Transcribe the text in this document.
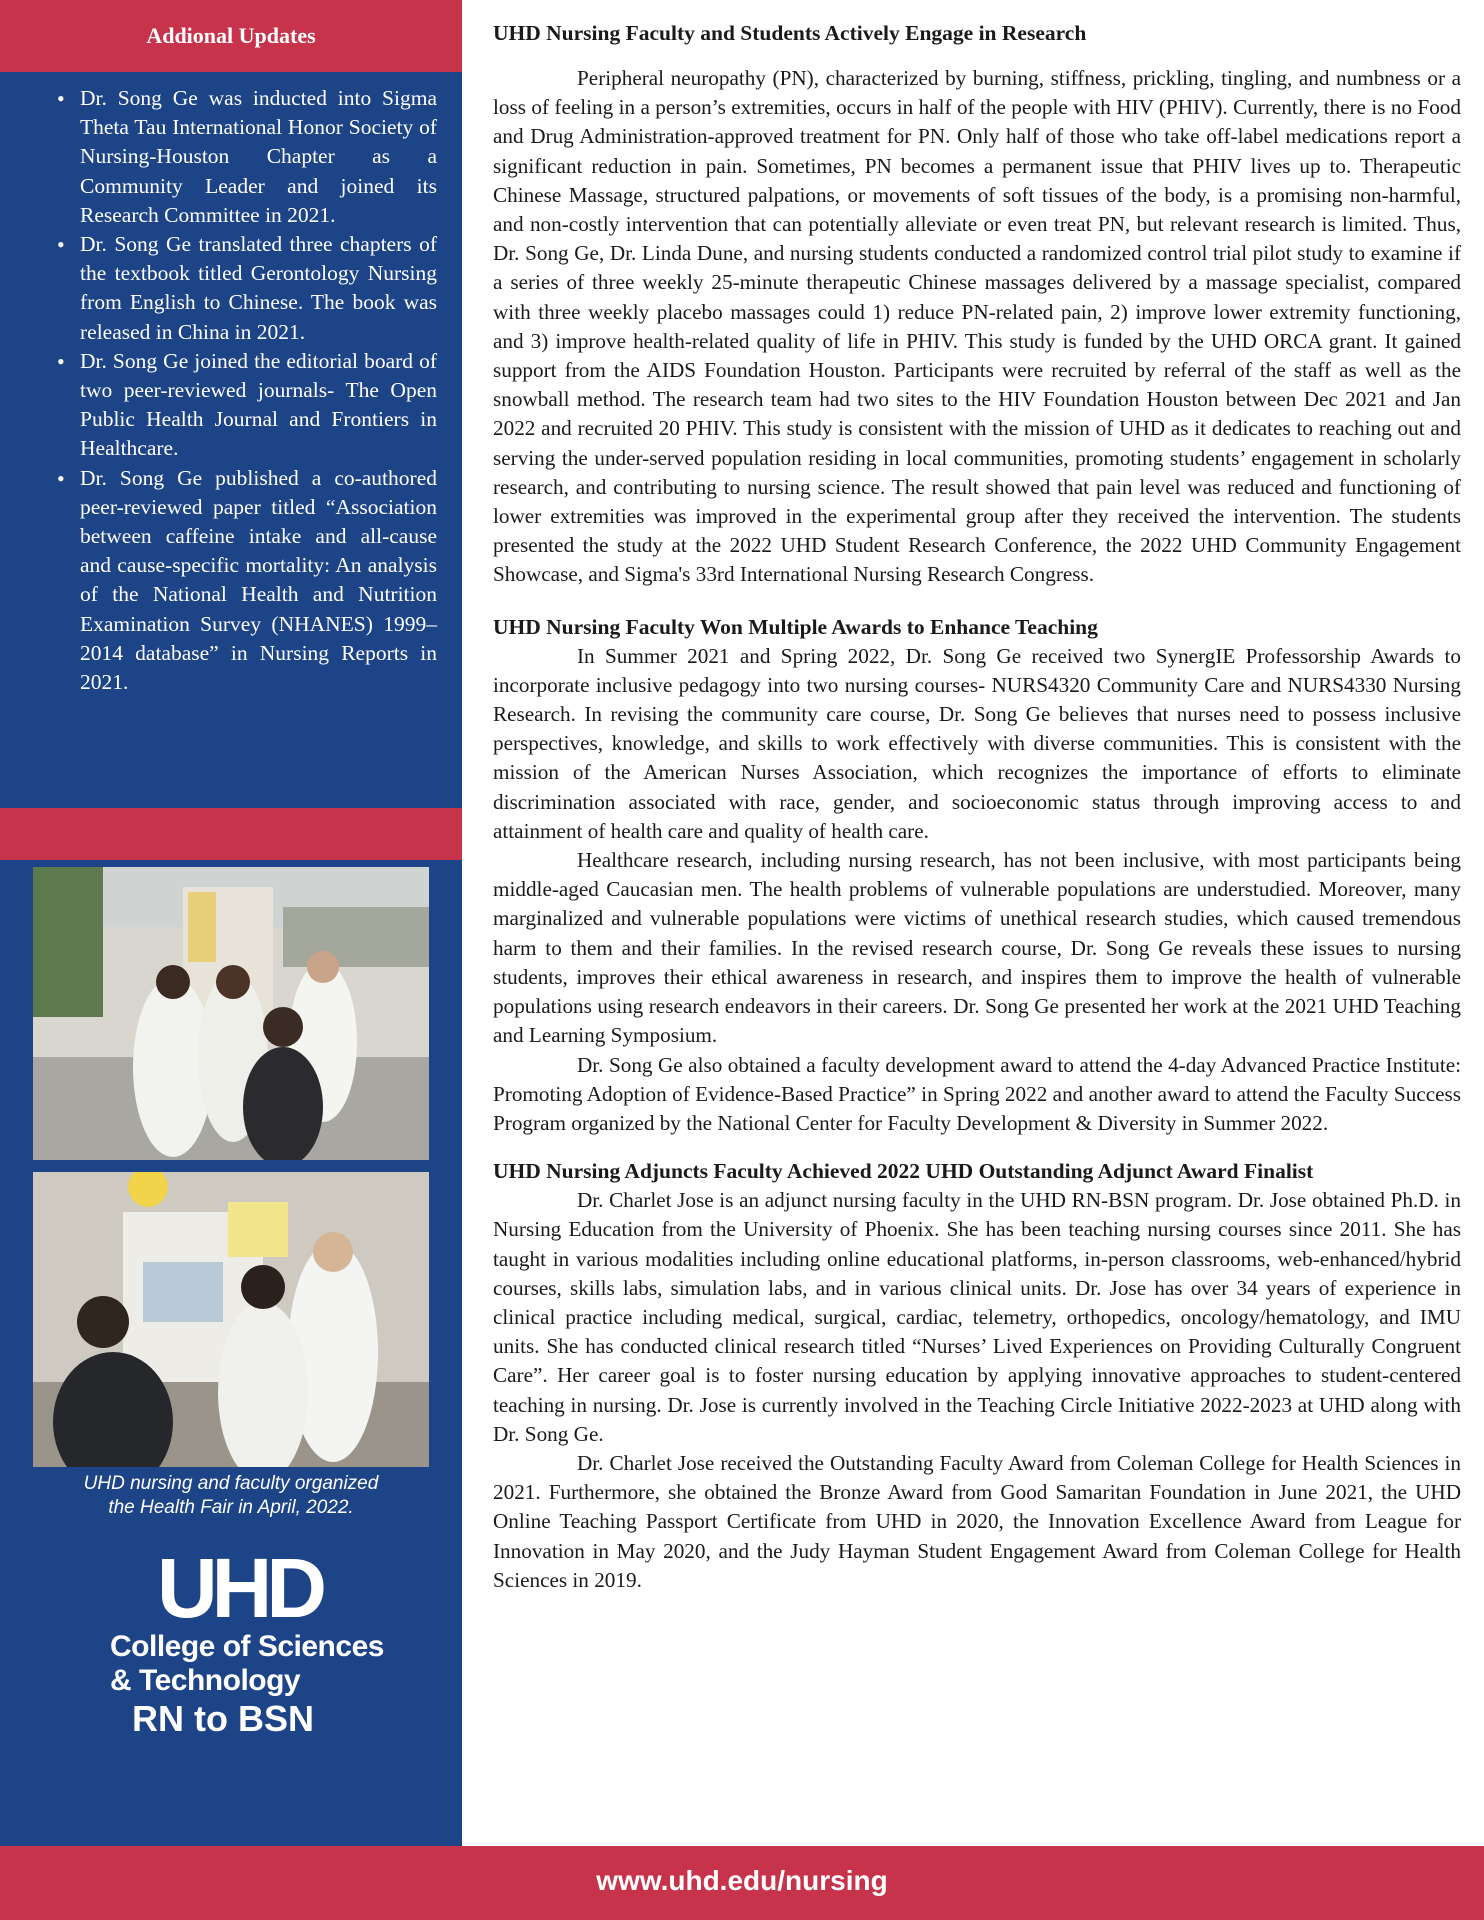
Addional Updates
• Dr. Song Ge was inducted into Sigma Theta Tau International Honor Society of Nursing-Houston Chapter as a Community Leader and joined its Research Committee in 2021.
• Dr. Song Ge translated three chapters of the textbook titled Gerontology Nursing from English to Chinese. The book was released in China in 2021.
• Dr. Song Ge joined the editorial board of two peer-reviewed journals- The Open Public Health Journal and Frontiers in Healthcare.
• Dr. Song Ge published a co-authored peer-reviewed paper titled “Association between caffeine intake and all-cause and cause-specific mortality: An analysis of the National Health and Nutrition Examination Survey (NHANES) 1999–2014 database” in Nursing Reports in 2021.
UHD nursing and faculty organized
the Health Fair in April, 2022.
UHD
College of Sciences
& Technology
RN to BSN
UHD Nursing Faculty and Students Actively Engage in Research

Peripheral neuropathy (PN), characterized by burning, stiffness, prickling, tingling, and numbness or a loss of feeling in a person’s extremities, occurs in half of the people with HIV (PHIV). Currently, there is no Food and Drug Administration-approved treatment for PN. Only half of those who take off-label medications report a significant reduction in pain. Sometimes, PN becomes a permanent issue that PHIV lives up to. Therapeutic Chinese Massage, structured palpations, or movements of soft tissues of the body, is a promising non-harmful, and non-costly intervention that can potentially alleviate or even treat PN, but relevant research is limited. Thus, Dr. Song Ge, Dr. Linda Dune, and nursing students conducted a randomized control trial pilot study to examine if a series of three weekly 25-minute therapeutic Chinese massages delivered by a massage specialist, compared with three weekly placebo massages could 1) reduce PN-related pain, 2) improve lower extremity functioning, and 3) improve health-related quality of life in PHIV. This study is funded by the UHD ORCA grant. It gained support from the AIDS Foundation Houston. Participants were recruited by referral of the staff as well as the snowball method. The research team had two sites to the HIV Foundation Houston between Dec 2021 and Jan 2022 and recruited 20 PHIV. This study is consistent with the mission of UHD as it dedicates to reaching out and serving the under-served population residing in local communities, promoting students’ engagement in scholarly research, and contributing to nursing science. The result showed that pain level was reduced and functioning of lower extremities was improved in the experimental group after they received the intervention. The students presented the study at the 2022 UHD Student Research Conference, the 2022 UHD Community Engagement Showcase, and Sigma's 33rd International Nursing Research Congress.

UHD Nursing Faculty Won Multiple Awards to Enhance Teaching

In Summer 2021 and Spring 2022, Dr. Song Ge received two SynergIE Professorship Awards to incorporate inclusive pedagogy into two nursing courses- NURS4320 Community Care and NURS4330 Nursing Research. In revising the community care course, Dr. Song Ge believes that nurses need to possess inclusive perspectives, knowledge, and skills to work effectively with diverse communities. This is consistent with the mission of the American Nurses Association, which recognizes the importance of efforts to eliminate discrimination associated with race, gender, and socioeconomic status through improving access to and attainment of health care and quality of health care.

Healthcare research, including nursing research, has not been inclusive, with most participants being middle-aged Caucasian men. The health problems of vulnerable populations are understudied. Moreover, many marginalized and vulnerable populations were victims of unethical research studies, which caused tremendous harm to them and their families. In the revised research course, Dr. Song Ge reveals these issues to nursing students, improves their ethical awareness in research, and inspires them to improve the health of vulnerable populations using research endeavors in their careers. Dr. Song Ge presented her work at the 2021 UHD Teaching and Learning Symposium.

Dr. Song Ge also obtained a faculty development award to attend the 4-day Advanced Practice Institute: Promoting Adoption of Evidence-Based Practice” in Spring 2022 and another award to attend the Faculty Success Program organized by the National Center for Faculty Development & Diversity in Summer 2022.

UHD Nursing Adjuncts Faculty Achieved 2022 UHD Outstanding Adjunct Award Finalist

Dr. Charlet Jose is an adjunct nursing faculty in the UHD RN-BSN program. Dr. Jose obtained Ph.D. in Nursing Education from the University of Phoenix. She has been teaching nursing courses since 2011. She has taught in various modalities including online educational platforms, in-person classrooms, web-enhanced/hybrid courses, skills labs, simulation labs, and in various clinical units. Dr. Jose has over 34 years of experience in clinical practice including medical, surgical, cardiac, telemetry, orthopedics, oncology/hematology, and IMU units. She has conducted clinical research titled “Nurses’ Lived Experiences on Providing Culturally Congruent Care”. Her career goal is to foster nursing education by applying innovative approaches to student-centered teaching in nursing. Dr. Jose is currently involved in the Teaching Circle Initiative 2022-2023 at UHD along with Dr. Song Ge.

Dr. Charlet Jose received the Outstanding Faculty Award from Coleman College for Health Sciences in 2021. Furthermore, she obtained the Bronze Award from Good Samaritan Foundation in June 2021, the UHD Online Teaching Passport Certificate from UHD in 2020, the Innovation Excellence Award from League for Innovation in May 2020, and the Judy Hayman Student Engagement Award from Coleman College for Health Sciences in 2019.

www.uhd.edu/nursing
